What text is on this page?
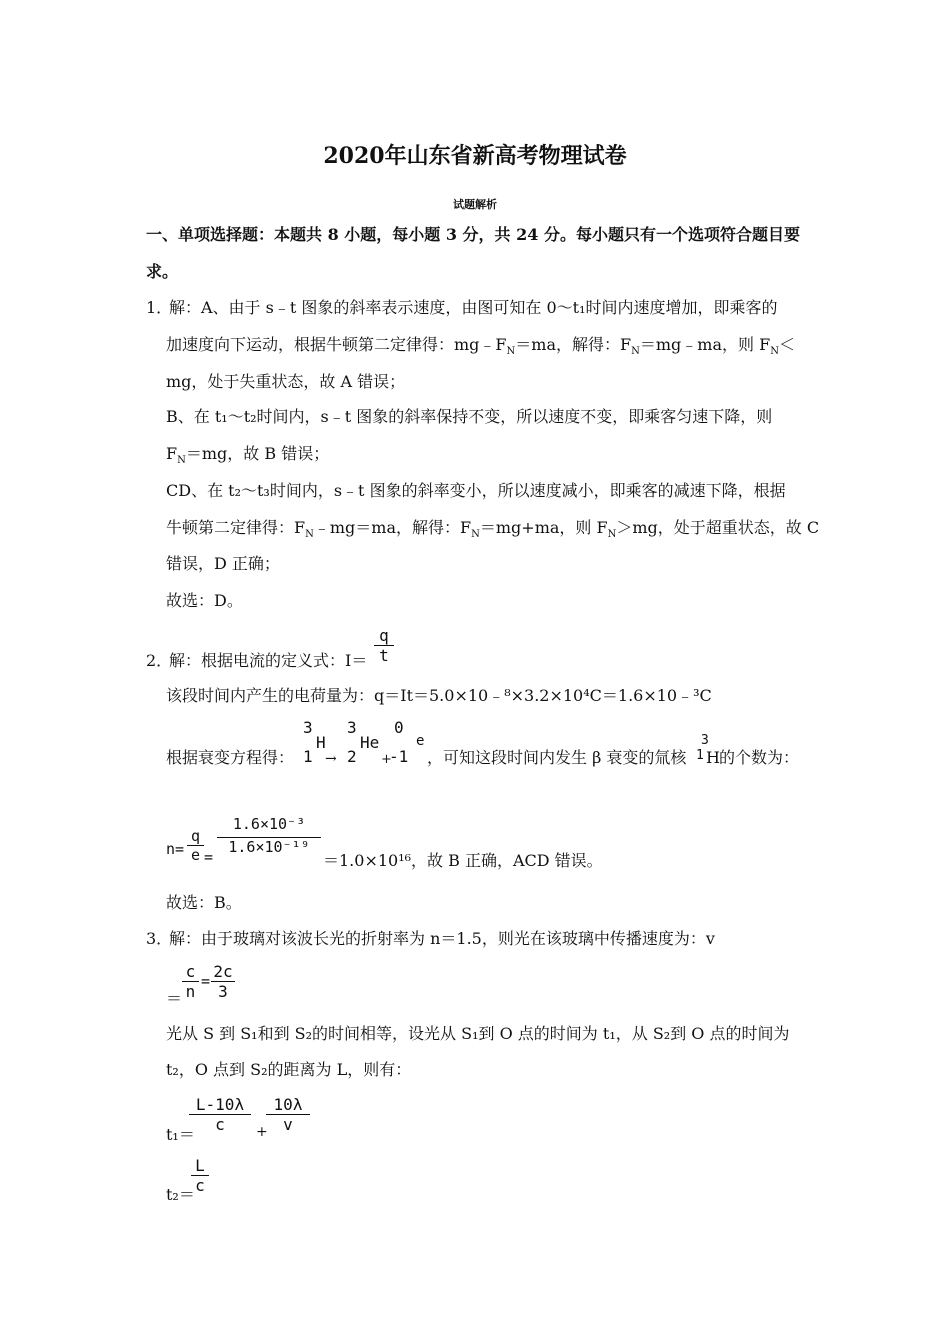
2020年山东省新高考物理试卷
试题解析
一、单项选择题：本题共 8 小题，每小题 3 分，共 24 分。每小题只有一个选项符合题目要
求。
1．
解：A、由于 s﹣t 图象的斜率表示速度，由图可知在 0～t₁时间内速度增加，即乘客的
加速度向下运动，根据牛顿第二定律得：$mg﹣F_N=ma$，解得：$F_N=mg﹣ma$，则 $F_N<$
mg，处于失重状态，故 A 错误；
B、在 t₁～t₂时间内，s﹣t 图象的斜率保持不变，所以速度不变，即乘客匀速下降，则
$F_N=mg$，故 B 错误；
CD、在 t₂～t₃时间内，s﹣t 图象的斜率变小，所以速度减小，即乘客的减速下降，根据
牛顿第二定律得：$F_N﹣mg=ma$，解得：$F_N=mg+ma$，则 $F_N>mg$，处于超重状态，故 C
错误，D 正确；
故选：D。
2．
解：根据电流的定义式：$I= \frac{q}{t}$
该段时间内产生的电荷量为：q＝It＝5.0×10﹣⁸×3.2×10⁴C＝1.6×10﹣³C
根据衰变方程得：
3
H
1 →
3
He
2 +
0
e
-1 ，可知这段时间内发生 β 衰变的氚核
3
1 H 的个数为：
$n= \frac{q}{e}$ =
$\frac{\text{1.6×10⁻³}}{\text{1.6×10⁻¹⁹}}$
＝1.0×10¹⁶，故 B 正确，ACD 错误。
故选：B。
3．
解：由于玻璃对该波长光的折射率为 n＝1.5，则光在该玻璃中传播速度为：v
＝ $\frac{c}{n} = \frac{2c}{3}$
光从 S 到 S₁和到 S₂的时间相等，设光从 S₁到 O 点的时间为 t₁，从 S₂到 O 点的时间为
t₂，O 点到 S₂的距离为 L，则有：
t₁＝
$\frac{L-10\lambda}{c}$ +
$\frac{10\lambda}{v}$
t₂＝
$\frac{L}{c}$
